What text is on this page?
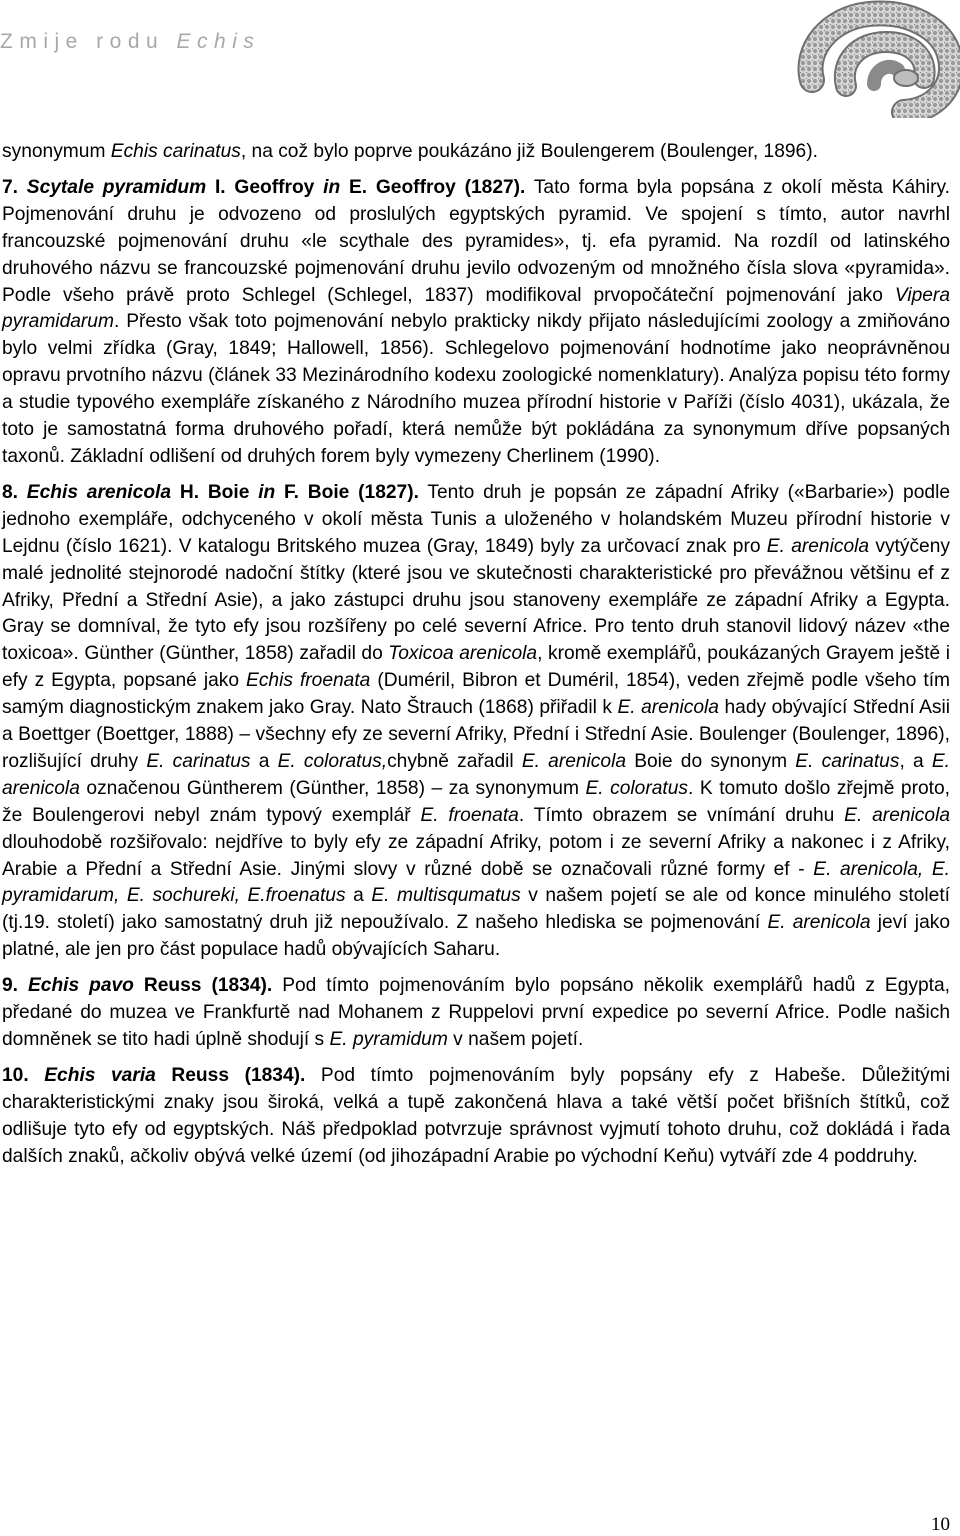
Zmije rodu Echis

synonymum Echis carinatus, na což bylo poprve poukázáno již Boulengerem (Boulenger, 1896).

7. Scytale pyramidum I. Geoffroy in E. Geoffroy (1827). Tato forma byla popsána z okolí města Káhiry. Pojmenování druhu je odvozeno od proslulých egyptských pyramid. Ve spojení s tímto, autor navrhl francouzské pojmenování druhu «le scythale des pyramides», tj. efa pyramid. Na rozdíl od latinského druhového názvu se francouzské pojmenování druhu jevilo odvozeným od množného čísla slova «pyramida». Podle všeho právě proto Schlegel (Schlegel, 1837) modifikoval prvopočáteční pojmenování jako Vipera pyramidarum. Přesto však toto pojmenování nebylo prakticky nikdy přijato následujícími zoology a zmiňováno bylo velmi zřídka (Gray, 1849; Hallowell, 1856). Schlegelovo pojmenování hodnotíme jako neoprávněnou opravu prvotního názvu (článek 33 Mezinárodního kodexu zoologické nomenklatury). Analýza popisu této formy a studie typového exempláře získaného z Národního muzea přírodní historie v Paříži (číslo 4031), ukázala, že toto je samostatná forma druhového pořadí, která nemůže být pokládána za synonymum dříve popsaných taxonů. Základní odlišení od druhých forem byly vymezeny Cherlinem (1990).

8. Echis arenicola H. Boie in F. Boie (1827). Tento druh je popsán ze západní Afriky («Barbarie») podle jednoho exempláře, odchyceného v okolí města Tunis a uloženého v holandském Muzeu přírodní historie v Lejdnu (číslo 1621). V katalogu Britského muzea (Gray, 1849) byly za určovací znak pro E. arenicola vytýčeny malé jednolité stejnorodé nadoční štítky (které jsou ve skutečnosti charakteristické pro převážnou většinu ef z Afriky, Přední a Střední Asie), a jako zástupci druhu jsou stanoveny exempláře ze západní Afriky a Egypta. Gray se domníval, že tyto efy jsou rozšířeny po celé severní Africe. Pro tento druh stanovil lidový název «the toxicoa». Günther (Günther, 1858) zařadil do Toxicoa arenicola, kromě exemplářů, poukázaných Grayem ještě i efy z Egypta, popsané jako Echis froenata (Duméril, Bibron et Duméril, 1854), veden zřejmě podle všeho tím samým diagnostickým znakem jako Gray. Nato Štrauch (1868) přiřadil k E. arenicola hady obývající Střední Asii a Boettger (Boettger, 1888) – všechny efy ze severní Afriky, Přední i Střední Asie. Boulenger (Boulenger, 1896), rozlišující druhy E. carinatus a E. coloratus,chybně zařadil E. arenicola Boie do synonym E. carinatus, a E. arenicola označenou Güntherem (Günther, 1858) – za synonymum E. coloratus. K tomuto došlo zřejmě proto, že Boulengerovi nebyl znám typový exemplář E. froenata. Tímto obrazem se vnímání druhu E. arenicola dlouhodobě rozšiřovalo: nejdříve to byly efy ze západní Afriky, potom i ze severní Afriky a nakonec i z Afriky, Arabie a Přední a Střední Asie. Jinými slovy v různé době se označovali různé formy ef - E. arenicola, E. pyramidarum, E. sochureki, E.froenatus a E. multisqumatus v našem pojetí se ale od konce minulého století (tj.19. století) jako samostatný druh již nepoužívalo. Z našeho hlediska se pojmenování E. arenicola jeví jako platné, ale jen pro část populace hadů obývajících Saharu.

9. Echis pavo Reuss (1834). Pod tímto pojmenováním bylo popsáno několik exemplářů hadů z Egypta, předané do muzea ve Frankfurtě nad Mohanem z Ruppelovi první expedice po severní Africe. Podle našich domněnek se tito hadi úplně shodují s E. pyramidum v našem pojetí.

10. Echis varia Reuss (1834). Pod tímto pojmenováním byly popsány efy z Habeše. Důležitými charakteristickými znaky jsou široká, velká a tupě zakončená hlava a také větší počet břišních štítků, což odlišuje tyto efy od egyptských. Náš předpoklad potvrzuje správnost vyjmutí tohoto druhu, což dokládá i řada dalších znaků, ačkoliv obývá velké území (od jihozápadní Arabie po východní Keňu) vytváří zde 4 poddruhy.

10
